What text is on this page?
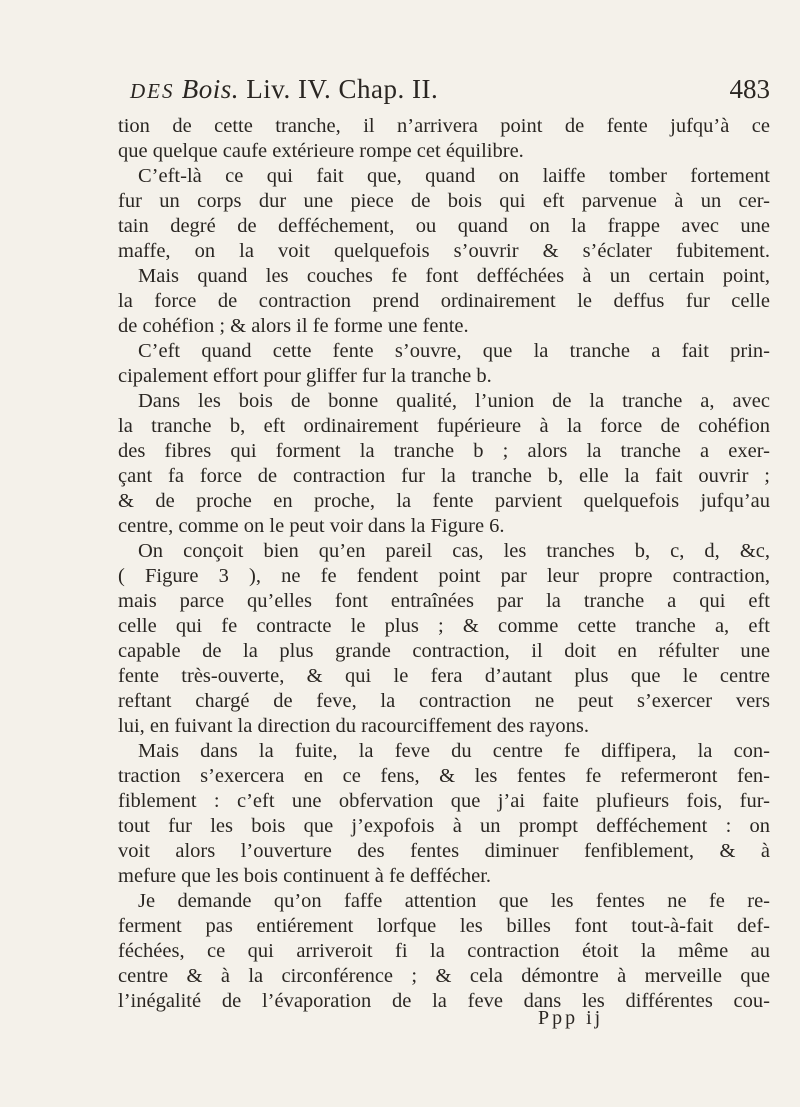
DES Bois. Liv. IV. Chap. II.	483
tion de cette tranche, il n’arrivera point de fente jufqu’à ce
que quelque caufe extérieure rompe cet équilibre.
C’eft-là ce qui fait que, quand on laiffe tomber fortement
fur un corps dur une piece de bois qui eft parvenue à un cer-
tain degré de defféchement, ou quand on la frappe avec une
maffe, on la voit quelquefois s’ouvrir & s’éclater fubitement.
Mais quand les couches fe font defféchées à un certain point,
la force de contraction prend ordinairement le deffus fur celle
de cohéfion ; & alors il fe forme une fente.
C’eft quand cette fente s’ouvre, que la tranche a fait prin-
cipalement effort pour gliffer fur la tranche b.
Dans les bois de bonne qualité, l’union de la tranche a, avec
la tranche b, eft ordinairement fupérieure à la force de cohéfion
des fibres qui forment la tranche b ; alors la tranche a exer-
çant fa force de contraction fur la tranche b, elle la fait ouvrir ;
& de proche en proche, la fente parvient quelquefois jufqu’au
centre, comme on le peut voir dans la Figure 6.
On conçoit bien qu’en pareil cas, les tranches b, c, d, &c,
( Figure 3 ), ne fe fendent point par leur propre contraction,
mais parce qu’elles font entraînées par la tranche a qui eft
celle qui fe contracte le plus ; & comme cette tranche a, eft
capable de la plus grande contraction, il doit en réfulter une
fente très-ouverte, & qui le fera d’autant plus que le centre
reftant chargé de feve, la contraction ne peut s’exercer vers
lui, en fuivant la direction du racourciffement des rayons.
Mais dans la fuite, la feve du centre fe diffipera, la con-
traction s’exercera en ce fens, & les fentes fe refermeront fen-
fiblement : c’eft une obfervation que j’ai faite plufieurs fois, fur-
tout fur les bois que j’expofois à un prompt defféchement : on
voit alors l’ouverture des fentes diminuer fenfiblement, & à
mefure que les bois continuent à fe deffécher.
Je demande qu’on faffe attention que les fentes ne fe re-
ferment pas entiérement lorfque les billes font tout-à-fait def-
féchées, ce qui arriveroit fi la contraction étoit la même au
centre & à la circonférence ; & cela démontre à merveille que
l’inégalité de l’évaporation de la feve dans les différentes cou-
Ppp ij
